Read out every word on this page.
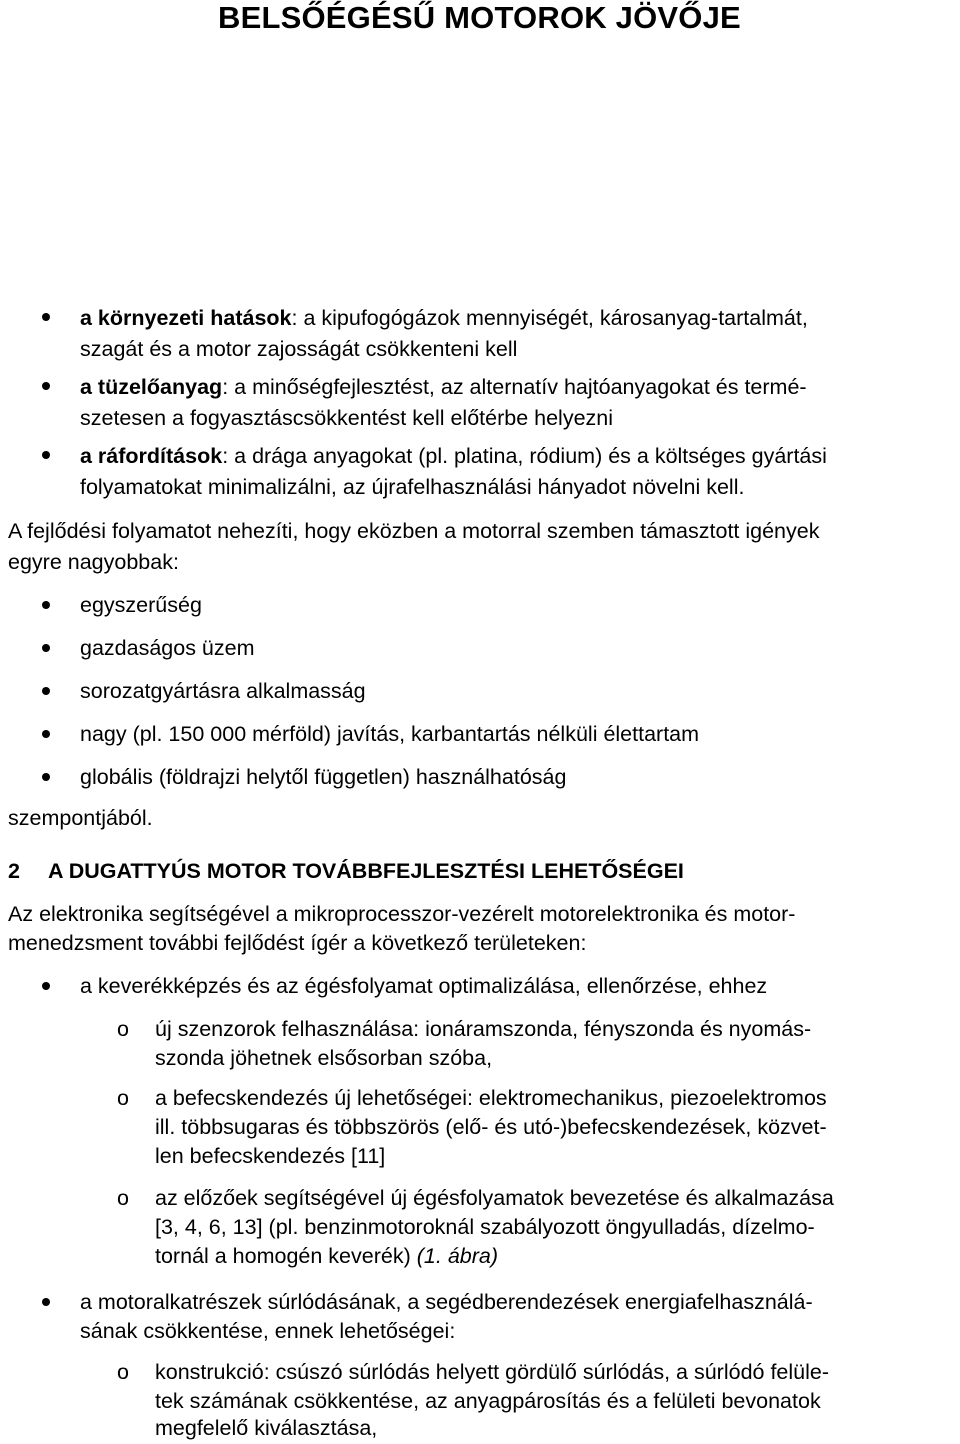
BELSŐÉGÉSŰ MOTOROK JÖVŐJE
a környezeti hatások: a kipufogógázok mennyiségét, károsanyag-tartalmát,
szagát és a motor zajosságát csökkenteni kell
a tüzelőanyag: a minőségfejlesztést, az alternatív hajtóanyagokat és termé-
szetesen a fogyasztáscsökkentést kell előtérbe helyezni
a ráfordítások: a drága anyagokat (pl. platina, ródium) és a költséges gyártási
folyamatokat minimalizálni, az újrafelhasználási hányadot növelni kell.
A fejlődési folyamatot nehezíti, hogy eközben a motorral szemben támasztott igények
egyre nagyobbak:
egyszerűség
gazdaságos üzem
sorozatgyártásra alkalmasság
nagy (pl. 150 000 mérföld) javítás, karbantartás nélküli élettartam
globális (földrajzi helytől független) használhatóság
szempontjából.
2 A DUGATTYÚS MOTOR TOVÁBBFEJLESZTÉSI LEHETŐSÉGEI
Az elektronika segítségével a mikroprocesszor-vezérelt motorelektronika és motor-
menedzsment további fejlődést ígér a következő területeken:
a keverékképzés és az égésfolyamat optimalizálása, ellenőrzése, ehhez
o új szenzorok felhasználása: ionáramszonda, fényszonda és nyomás-
szonda jöhetnek elsősorban szóba,
o a befecskendezés új lehetőségei: elektromechanikus, piezoelektromos
ill. többsugaras és többszörös (elő- és utó-)befecskendezések, közvet-
len befecskendezés [11]
o az előzőek segítségével új égésfolyamatok bevezetése és alkalmazása
[3, 4, 6, 13] (pl. benzinmotoroknál szabályozott öngyulladás, dízelmo-
tornál a homogén keverék) (1. ábra)
a motoralkatrészek súrlódásának, a segédberendezések energiafelhasználá-
sának csökkentése, ennek lehetőségei:
o konstrukció: csúszó súrlódás helyett gördülő súrlódás, a súrlódó felüle-
tek számának csökkentése, az anyagpárosítás és a felületi bevonatok
megfelelő kiválasztása,
